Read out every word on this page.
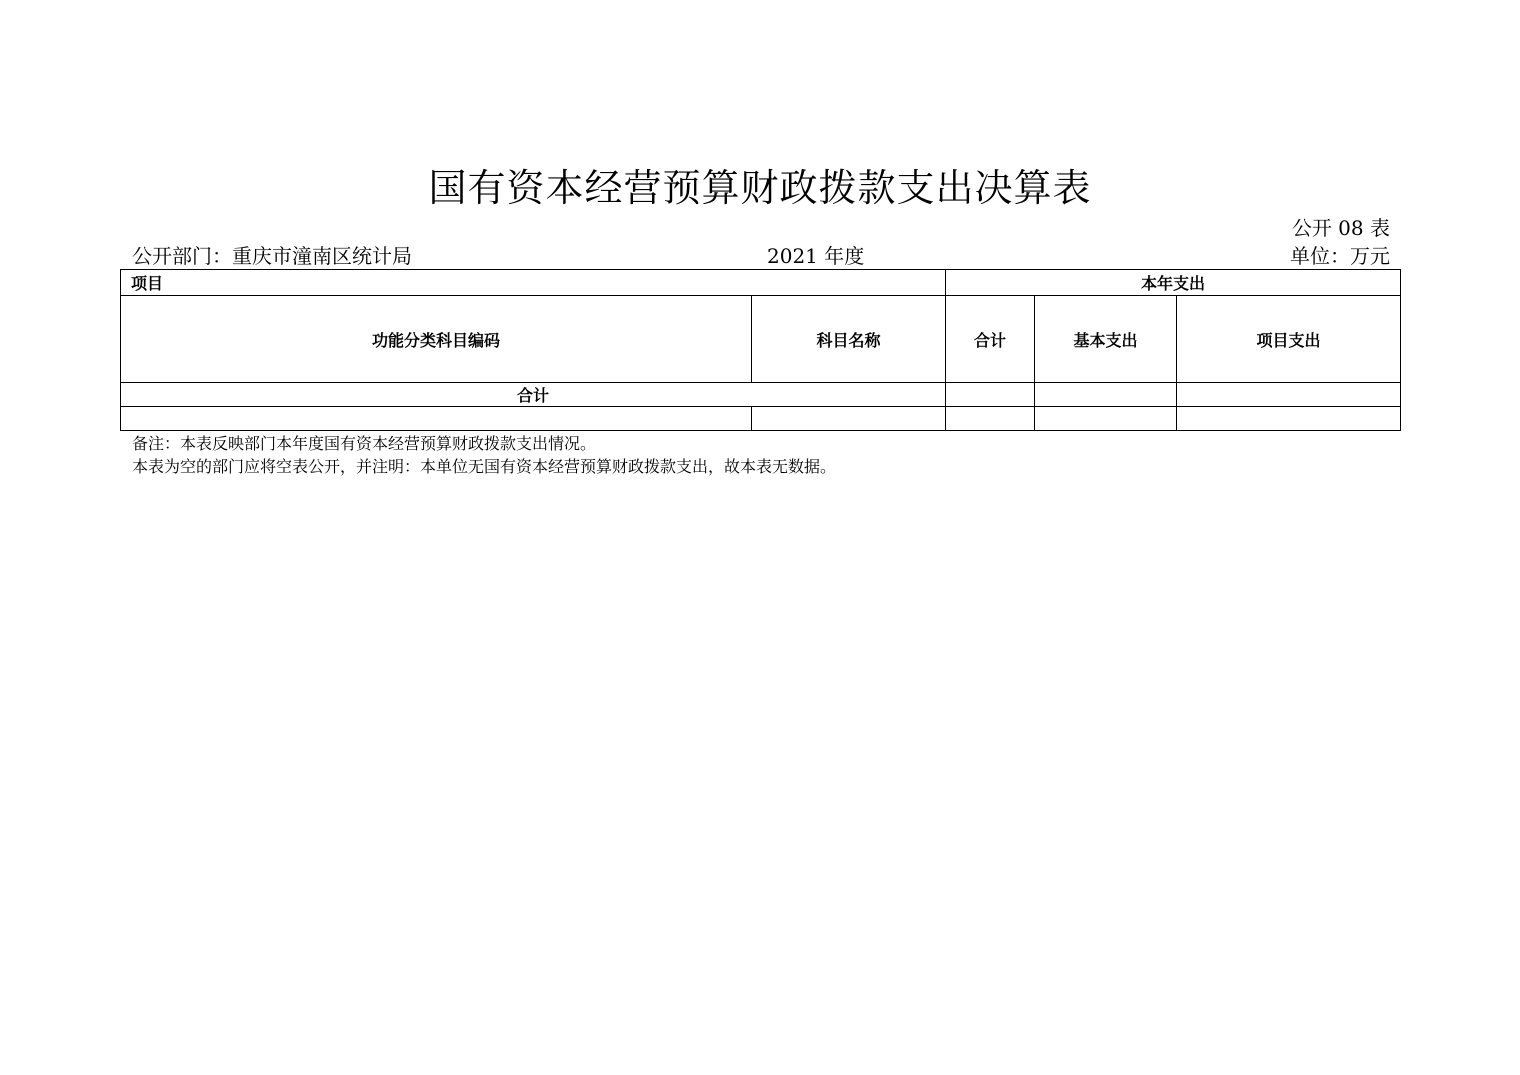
国有资本经营预算财政拨款支出决算表
公开 08 表
公开部门：重庆市潼南区统计局	2021 年度	单位：万元
项目		本年支出		
功能分类科目编码	科目名称	合计	基本支出	项目支出
合计				

备注：本表反映部门本年度国有资本经营预算财政拨款支出情况。
本表为空的部门应将空表公开，并注明：本单位无国有资本经营预算财政拨款支出，故本表无数据。
